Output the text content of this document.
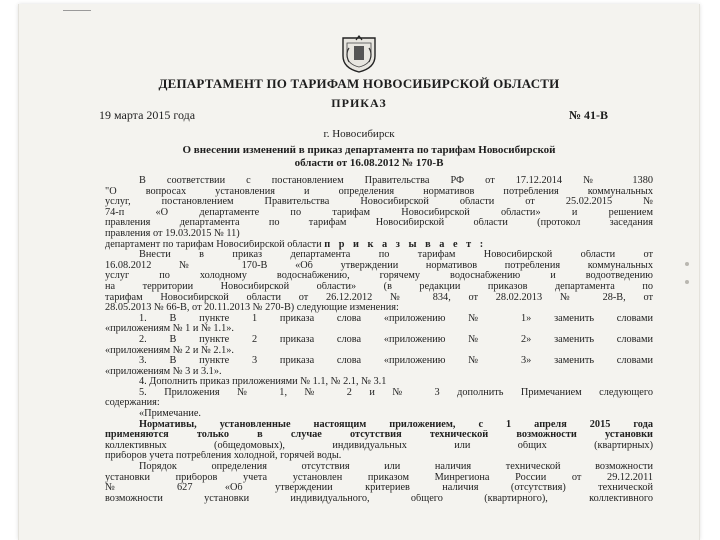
ДЕПАРТАМЕНТ ПО ТАРИФАМ НОВОСИБИРСКОЙ ОБЛАСТИ
ПРИКАЗ
19 марта 2015 года	№ 41-В
г. Новосибирск
О внесении изменений в приказ департамента по тарифам Новосибирской
области от 16.08.2012 № 170-В
В соответствии с постановлением Правительства РФ от 17.12.2014 № 1380
"О вопросах установления и определения нормативов потребления коммунальных
услуг, постановлением Правительства Новосибирской области от 25.02.2015 №
74-п «О департаменте по тарифам Новосибирской области» и решением
правления департамента по тарифам Новосибирской области (протокол заседания
правления от 19.03.2015 № 11)
департамент по тарифам Новосибирской области п р и к а з ы в а е т :
Внести в приказ департамента по тарифам Новосибирской области от
16.08.2012 № 170-В «Об утверждении нормативов потребления коммунальных
услуг по холодному водоснабжению, горячему водоснабжению и водоотведению
на территории Новосибирской области» (в редакции приказов департамента по
тарифам Новосибирской области от 26.12.2012 № 834, от 28.02.2013 № 28-В, от
28.05.2013 № 66-В, от 20.11.2013 № 270-В) следующие изменения:
1. В пункте 1 приказа слова «приложению № 1» заменить словами
«приложениям № 1 и № 1.1».
2. В пункте 2 приказа слова «приложению № 2» заменить словами
«приложениям № 2 и № 2.1».
3. В пункте 3 приказа слова «приложению № 3» заменить словами
«приложениям № 3 и 3.1».
4. Дополнить приказ приложениями № 1.1, № 2.1, № 3.1
5. Приложения № 1, № 2 и № 3 дополнить Примечанием следующего
содержания:
«Примечание.
Нормативы, установленные настоящим приложением, с 1 апреля 2015 года
применяются только в случае отсутствия технической возможности установки
коллективных (общедомовых), индивидуальных или общих (квартирных)
приборов учета потребления холодной, горячей воды.
Порядок определения отсутствия или наличия технической возможности
установки приборов учета установлен приказом Минрегиона России от 29.12.2011
№ 627 «Об утверждении критериев наличия (отсутствия) технической
возможности установки индивидуального, общего (квартирного), коллективного
